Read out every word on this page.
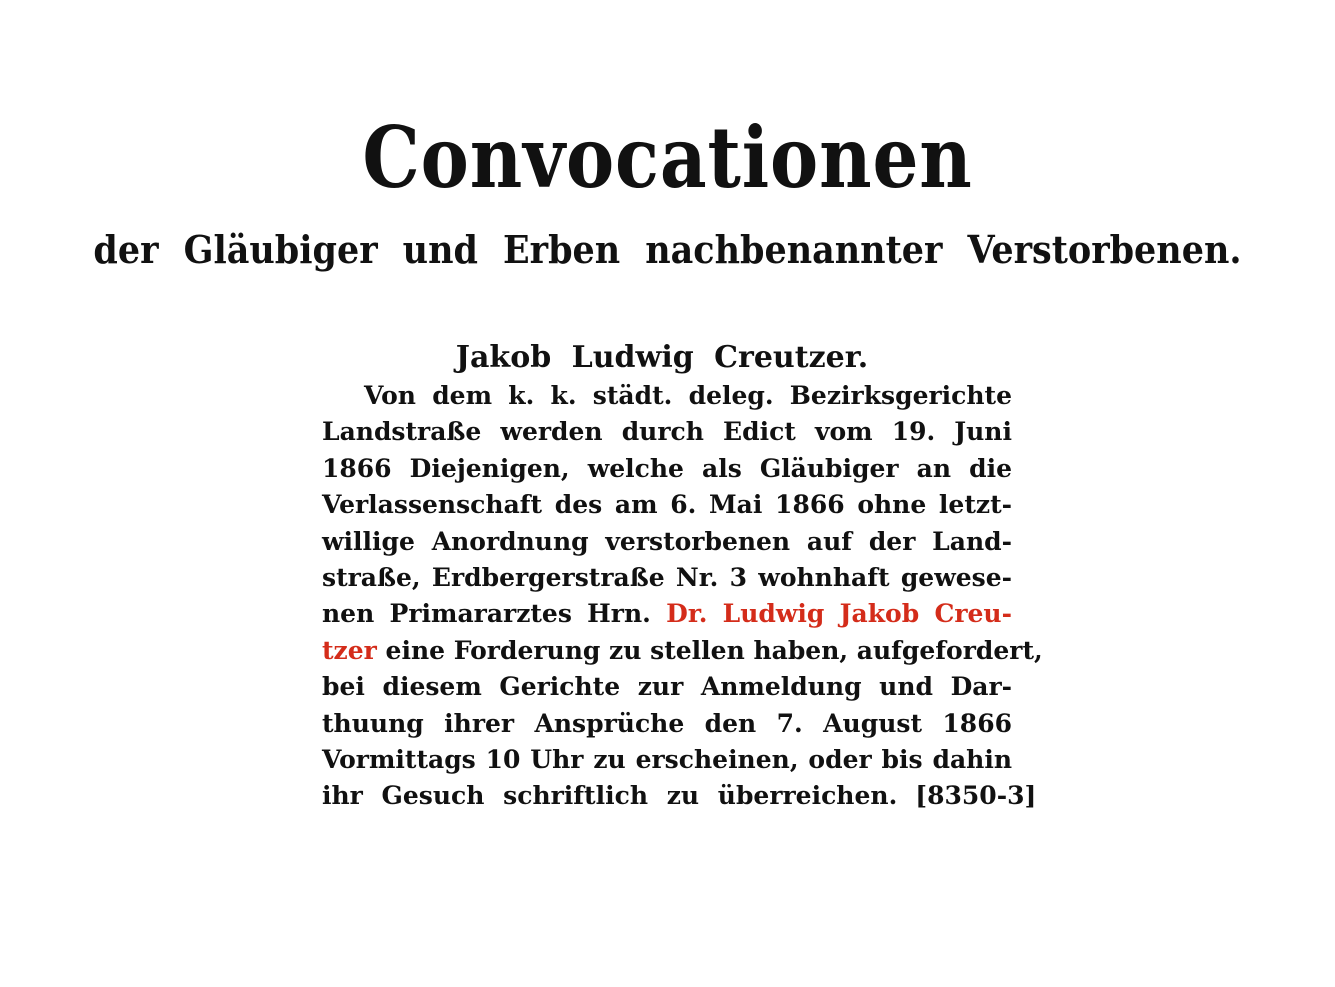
Convocationen
der Gläubiger und Erben nachbenannter Verstorbenen.
Jakob Ludwig Creutzer.
Von dem k. k. städt. deleg. Bezirksgerichte
Landstraße werden durch Edict vom 19. Juni
1866 Diejenigen, welche als Gläubiger an die
Verlassenschaft des am 6. Mai 1866 ohne letzt-
willige Anordnung verstorbenen auf der Land-
straße, Erdbergerstraße Nr. 3 wohnhaft gewese-
nen Primararztes Hrn. Dr. Ludwig Jakob Creu-
tzer eine Forderung zu stellen haben, aufgefordert,
bei diesem Gerichte zur Anmeldung und Dar-
thuung ihrer Ansprüche den 7. August 1866
Vormittags 10 Uhr zu erscheinen, oder bis dahin
ihr Gesuch schriftlich zu überreichen. [8350-3]
